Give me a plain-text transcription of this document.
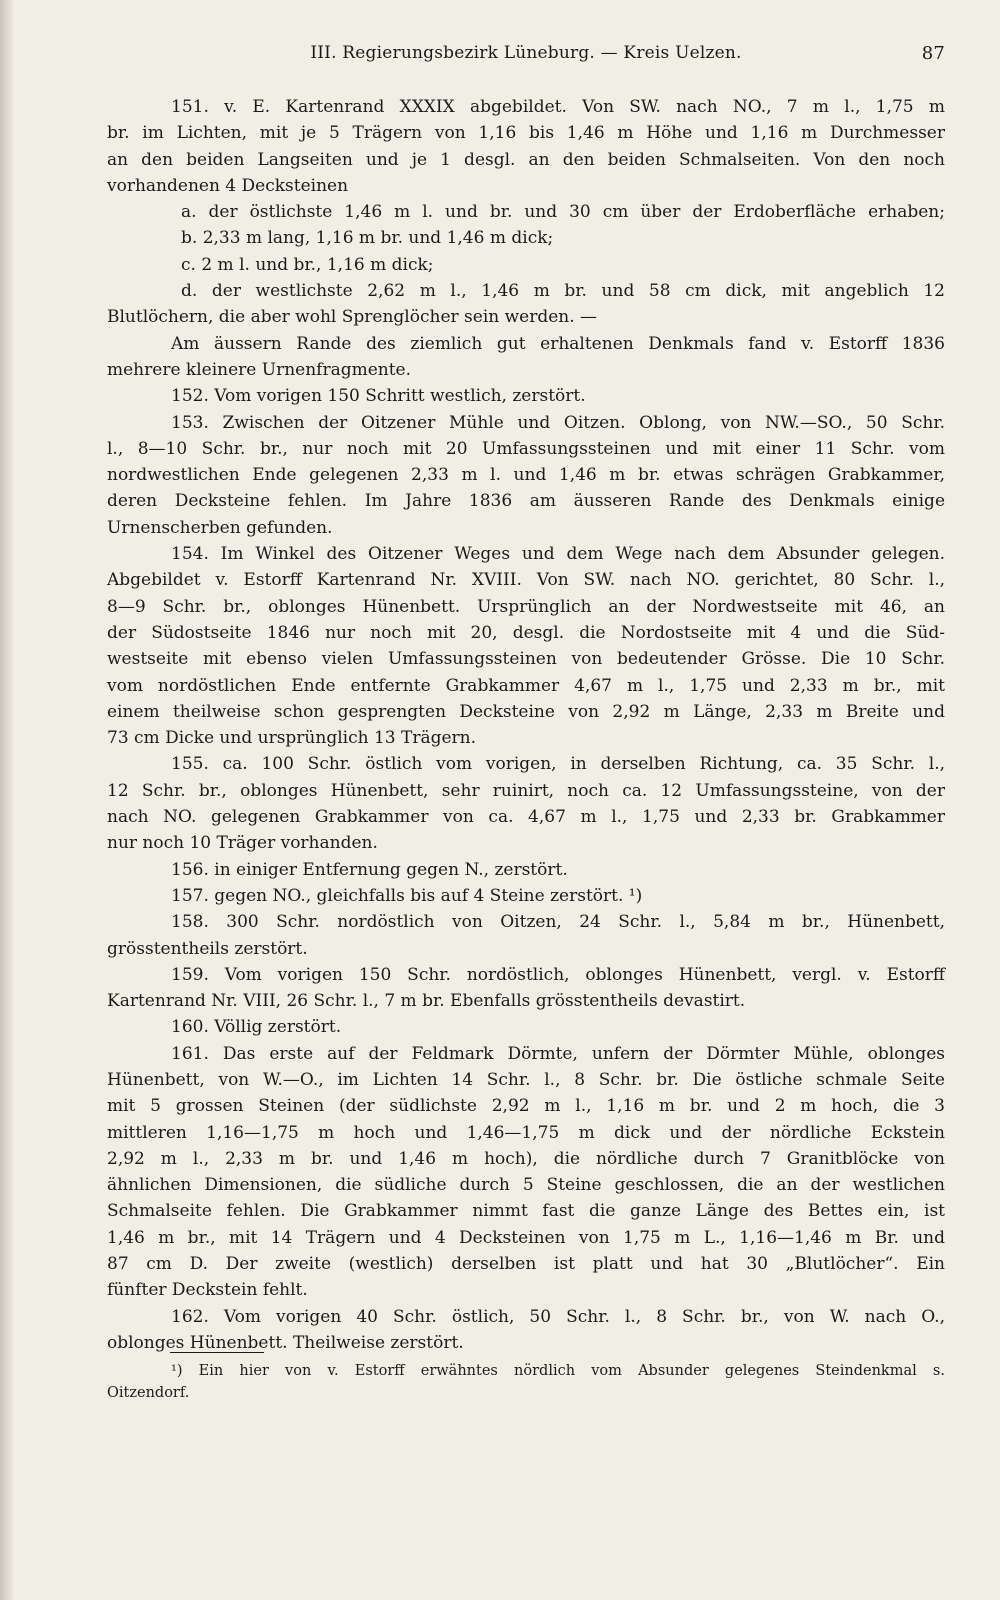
III. Regierungsbezirk Lüneburg. — Kreis Uelzen.	87
151. v. E. Kartenrand XXXIX abgebildet. Von SW. nach NO., 7 m l., 1,75 m
br. im Lichten, mit je 5 Trägern von 1,16 bis 1,46 m Höhe und 1,16 m Durchmesser
an den beiden Langseiten und je 1 desgl. an den beiden Schmalseiten. Von den noch
vorhandenen 4 Decksteinen
a. der östlichste 1,46 m l. und br. und 30 cm über der Erdoberfläche erhaben;
b. 2,33 m lang, 1,16 m br. und 1,46 m dick;
c. 2 m l. und br., 1,16 m dick;
d. der westlichste 2,62 m l., 1,46 m br. und 58 cm dick, mit angeblich 12
Blutlöchern, die aber wohl Sprenglöcher sein werden. —
Am äussern Rande des ziemlich gut erhaltenen Denkmals fand v. Estorff 1836
mehrere kleinere Urnenfragmente.
152. Vom vorigen 150 Schritt westlich, zerstört.
153. Zwischen der Oitzener Mühle und Oitzen. Oblong, von NW.—SO., 50 Schr.
l., 8—10 Schr. br., nur noch mit 20 Umfassungssteinen und mit einer 11 Schr. vom
nordwestlichen Ende gelegenen 2,33 m l. und 1,46 m br. etwas schrägen Grabkammer,
deren Decksteine fehlen. Im Jahre 1836 am äusseren Rande des Denkmals einige
Urnenscherben gefunden.
154. Im Winkel des Oitzener Weges und dem Wege nach dem Absunder gelegen.
Abgebildet v. Estorff Kartenrand Nr. XVIII. Von SW. nach NO. gerichtet, 80 Schr. l.,
8—9 Schr. br., oblonges Hünenbett. Ursprünglich an der Nordwestseite mit 46, an
der Südostseite 1846 nur noch mit 20, desgl. die Nordostseite mit 4 und die Süd-
westseite mit ebenso vielen Umfassungssteinen von bedeutender Grösse. Die 10 Schr.
vom nordöstlichen Ende entfernte Grabkammer 4,67 m l., 1,75 und 2,33 m br., mit
einem theilweise schon gesprengten Decksteine von 2,92 m Länge, 2,33 m Breite und
73 cm Dicke und ursprünglich 13 Trägern.
155. ca. 100 Schr. östlich vom vorigen, in derselben Richtung, ca. 35 Schr. l.,
12 Schr. br., oblonges Hünenbett, sehr ruinirt, noch ca. 12 Umfassungssteine, von der
nach NO. gelegenen Grabkammer von ca. 4,67 m l., 1,75 und 2,33 br. Grabkammer
nur noch 10 Träger vorhanden.
156. in einiger Entfernung gegen N., zerstört.
157. gegen NO., gleichfalls bis auf 4 Steine zerstört. ¹)
158. 300 Schr. nordöstlich von Oitzen, 24 Schr. l., 5,84 m br., Hünenbett,
grösstentheils zerstört.
159. Vom vorigen 150 Schr. nordöstlich, oblonges Hünenbett, vergl. v. Estorff
Kartenrand Nr. VIII, 26 Schr. l., 7 m br. Ebenfalls grösstentheils devastirt.
160. Völlig zerstört.
161. Das erste auf der Feldmark Dörmte, unfern der Dörmter Mühle, oblonges
Hünenbett, von W.—O., im Lichten 14 Schr. l., 8 Schr. br. Die östliche schmale Seite
mit 5 grossen Steinen (der südlichste 2,92 m l., 1,16 m br. und 2 m hoch, die 3
mittleren 1,16—1,75 m hoch und 1,46—1,75 m dick und der nördliche Eckstein
2,92 m l., 2,33 m br. und 1,46 m hoch), die nördliche durch 7 Granitblöcke von
ähnlichen Dimensionen, die südliche durch 5 Steine geschlossen, die an der westlichen
Schmalseite fehlen. Die Grabkammer nimmt fast die ganze Länge des Bettes ein, ist
1,46 m br., mit 14 Trägern und 4 Decksteinen von 1,75 m L., 1,16—1,46 m Br. und
87 cm D. Der zweite (westlich) derselben ist platt und hat 30 „Blutlöcher“. Ein
fünfter Deckstein fehlt.
162. Vom vorigen 40 Schr. östlich, 50 Schr. l., 8 Schr. br., von W. nach O.,
oblonges Hünenbett. Theilweise zerstört.
¹) Ein hier von v. Estorff erwähntes nördlich vom Absunder gelegenes Steindenkmal s.
Oitzendorf.
